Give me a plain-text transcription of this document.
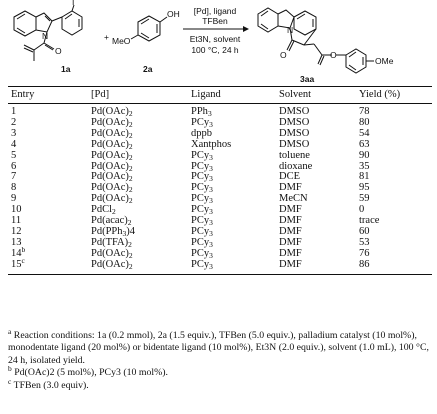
I
N
O
1a
+
OH
MeO
2a
[Pd], ligand
TFBen
Et3N, solvent
100 °C, 24 h
N
O	O
OMe
3aa
Entry	[Pd]	Ligand	Solvent	Yield (%)
1	$Pd(OAc)_2$	PPh$_3$	DMSO	78
2	$Pd(OAc)_2$	PCy$_3$	DMSO	80
3	$Pd(OAc)_2$	dppb	DMSO	54
4	$Pd(OAc)_2$	Xantphos	DMSO	63
5	$Pd(OAc)_2$	PCy$_3$	toluene	90
6	$Pd(OAc)_2$	PCy$_3$	dioxane	35
7	$Pd(OAc)_2$	PCy$_3$	DCE	81
8	$Pd(OAc)_2$	PCy$_3$	DMF	95
9	$Pd(OAc)_2$	PCy$_3$	MeCN	59
10	PdCl$_2$	PCy$_3$	DMF	0
11	$Pd(acac)_2$	PCy$_3$	DMF	trace
12	Pd(PPh$_3$)4	PCy$_3$	DMF	60
13	$Pd(TFA)_2$	PCy$_3$	DMF	53
14$^b$	$Pd(OAc)_2$	PCy$_3$	DMF	76
15$^c$	$Pd(OAc)_2$	PCy$_3$	DMF	86

$^a$ Reaction conditions: 1a (0.2 mmol), 2a (1.5 equiv.), TFBen (5.0 equiv.), palladium catalyst (10 mol%), monodentate ligand (20 mol%) or bidentate ligand (10 mol%), Et3N (2.0 equiv.), solvent (1.0 mL), 100 °C, 24 h, isolated yield.

$^b$ Pd(OAc)2 (5 mol%), PCy3 (10 mol%).

$^c$ TFBen (3.0 equiv).
